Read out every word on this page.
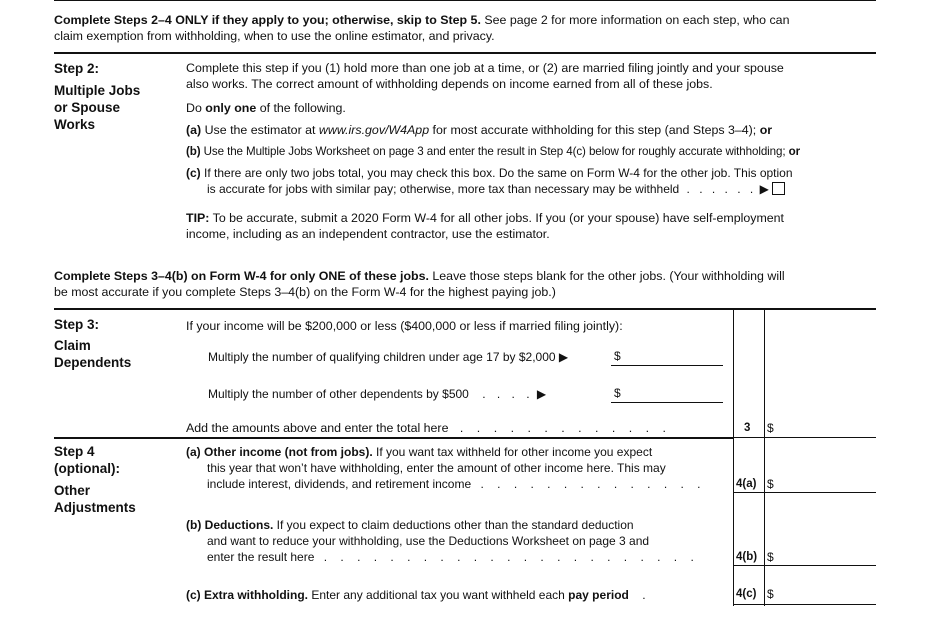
Complete Steps 2–4 ONLY if they apply to you; otherwise, skip to Step 5. See page 2 for more information on each step, who can
claim exemption from withholding, when to use the online estimator, and privacy.
Step 2:
Multiple Jobs
or Spouse
Works
Complete this step if you (1) hold more than one job at a time, or (2) are married filing jointly and your spouse
also works. The correct amount of withholding depends on income earned from all of these jobs.
Do only one of the following.
(a) Use the estimator at www.irs.gov/W4App for most accurate withholding for this step (and Steps 3–4); or
(b) Use the Multiple Jobs Worksheet on page 3 and enter the result in Step 4(c) below for roughly accurate withholding; or
(c) If there are only two jobs total, you may check this box. Do the same on Form W-4 for the other job. This option
is accurate for jobs with similar pay; otherwise, more tax than necessary may be withheld . . . . . . ▶
TIP: To be accurate, submit a 2020 Form W-4 for all other jobs. If you (or your spouse) have self-employment
income, including as an independent contractor, use the estimator.
Complete Steps 3–4(b) on Form W-4 for only ONE of these jobs. Leave those steps blank for the other jobs. (Your withholding will
be most accurate if you complete Steps 3–4(b) on the Form W-4 for the highest paying job.)
Step 3:
Claim
Dependents
If your income will be $200,000 or less ($400,000 or less if married filing jointly):
Multiply the number of qualifying children under age 17 by $2,000 ▶	$
Multiply the number of other dependents by $500 . . . . ▶	$
Add the amounts above and enter the total here . . . . . . . . . . . . .	3 $
Step 4
(optional):
Other
Adjustments
(a) Other income (not from jobs). If you want tax withheld for other income you expect
this year that won’t have withholding, enter the amount of other income here. This may
include interest, dividends, and retirement income . . . . . . . . . . . . . .	4(a) $
(b) Deductions. If you expect to claim deductions other than the standard deduction
and want to reduce your withholding, use the Deductions Worksheet on page 3 and
enter the result here . . . . . . . . . . . . . . . . . . . . . . .	4(b) $
(c) Extra withholding. Enter any additional tax you want withheld each pay period .	4(c) $
